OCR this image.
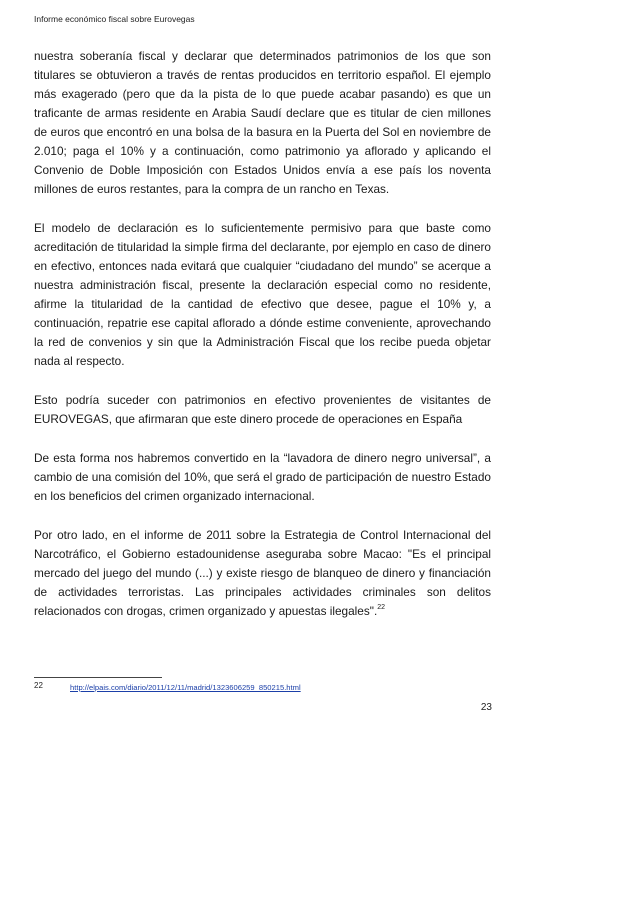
Informe económico fiscal sobre Eurovegas

nuestra soberanía fiscal y declarar que determinados patrimonios de los que son titulares se obtuvieron a través de rentas producidos en territorio español. El ejemplo más exagerado (pero que da la pista de lo que puede acabar pasando) es que un traficante de armas residente en Arabia Saudí declare que es titular de cien millones de euros que encontró en una bolsa de la basura en la Puerta del Sol en noviembre de 2.010; paga el 10% y a continuación, como patrimonio ya aflorado y aplicando el Convenio de Doble Imposición con Estados Unidos envía a ese país los noventa millones de euros restantes, para la compra de un rancho en Texas.

El modelo de declaración es lo suficientemente permisivo para que baste como acreditación de titularidad la simple firma del declarante, por ejemplo en caso de dinero en efectivo, entonces nada evitará que cualquier “ciudadano del mundo” se acerque a nuestra administración fiscal, presente la declaración especial como no residente, afirme la titularidad de la cantidad de efectivo que desee, pague el 10% y, a continuación, repatrie ese capital aflorado a dónde estime conveniente, aprovechando la red de convenios y sin que la Administración Fiscal que los recibe pueda objetar nada al respecto.

Esto podría suceder con patrimonios en efectivo provenientes de visitantes de EUROVEGAS, que afirmaran que este dinero procede de operaciones en España

De esta forma nos habremos convertido en la “lavadora de dinero negro universal”, a cambio de una comisión del 10%, que será el grado de participación de nuestro Estado en los beneficios del crimen organizado internacional.

Por otro lado, en el informe de 2011 sobre la Estrategia de Control Internacional del Narcotráfico, el Gobierno estadounidense aseguraba sobre Macao: "Es el principal mercado del juego del mundo (...) y existe riesgo de blanqueo de dinero y financiación de actividades terroristas. Las principales actividades criminales son delitos relacionados con drogas, crimen organizado y apuestas ilegales".$^{22}$

22	http://elpais.com/diario/2011/12/11/madrid/1323606259_850215.html
23
